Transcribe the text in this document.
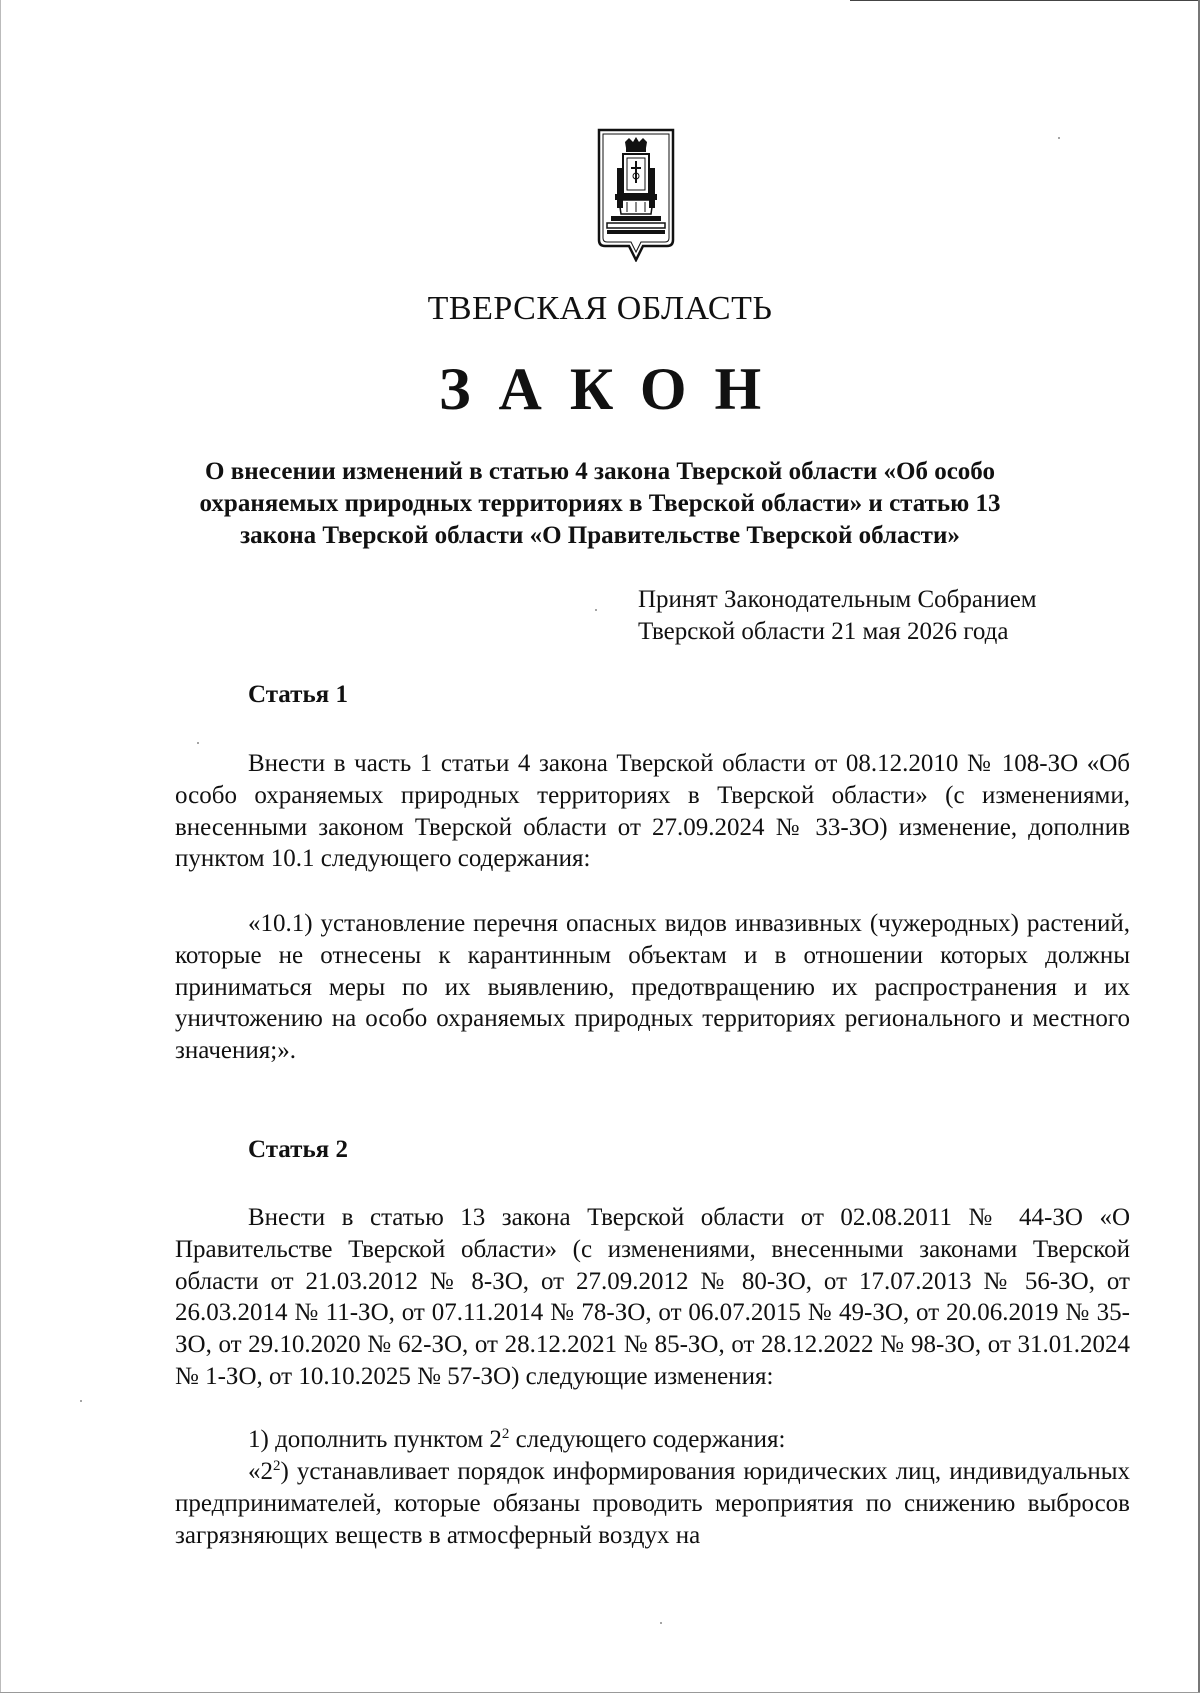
ТВЕРСКАЯ ОБЛАСТЬ
ЗАКОН
О внесении изменений в статью 4 закона Тверской области «Об особо
охраняемых природных территориях в Тверской области» и статью 13
закона Тверской области «О Правительстве Тверской области»
Принят Законодательным Собранием
Тверской области 21 мая 2026 года
Статья 1

Внести в часть 1 статьи 4 закона Тверской области от 08.12.2010 № 108-ЗО «Об особо охраняемых природных территориях в Тверской области» (с изменениями, внесенными законом Тверской области от 27.09.2024 № 33-ЗО) изменение, дополнив пунктом 10.1 следующего содержания:

«10.1) установление перечня опасных видов инвазивных (чужеродных) растений, которые не отнесены к карантинным объектам и в отношении которых должны приниматься меры по их выявлению, предотвращению их распространения и их уничтожению на особо охраняемых природных территориях регионального и местного значения;».

Статья 2

Внести в статью 13 закона Тверской области от 02.08.2011 № 44-ЗО «О Правительстве Тверской области» (с изменениями, внесенными законами Тверской области от 21.03.2012 № 8-ЗО, от 27.09.2012 № 80-ЗО, от 17.07.2013 № 56-ЗО, от 26.03.2014 № 11-ЗО, от 07.11.2014 № 78-ЗО, от 06.07.2015 № 49-ЗО, от 20.06.2019 № 35-ЗО, от 29.10.2020 № 62-ЗО, от 28.12.2021 № 85-ЗО, от 28.12.2022 № 98-ЗО, от 31.01.2024 № 1-ЗО, от 10.10.2025 № 57-ЗО) следующие изменения:

1) дополнить пунктом $2^2$ следующего содержания:

«$2^2$) устанавливает порядок информирования юридических лиц, индивидуальных предпринимателей, которые обязаны проводить мероприятия по снижению выбросов загрязняющих веществ в атмосферный воздух на
